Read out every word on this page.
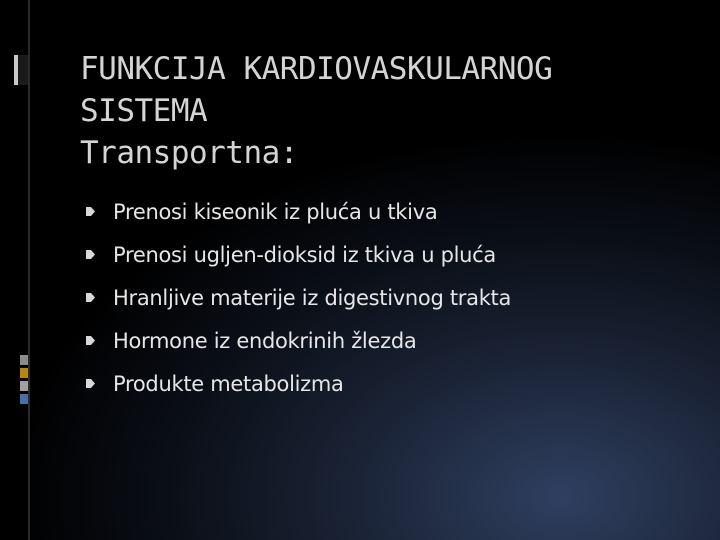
FUNKCIJA KARDIOVASKULARNOG
SISTEMA
Transportna:
Prenosi kiseonik iz pluća u tkiva
Prenosi ugljen-dioksid iz tkiva u pluća
Hranljive materije iz digestivnog trakta
Hormone iz endokrinih žlezda
Produkte metabolizma
